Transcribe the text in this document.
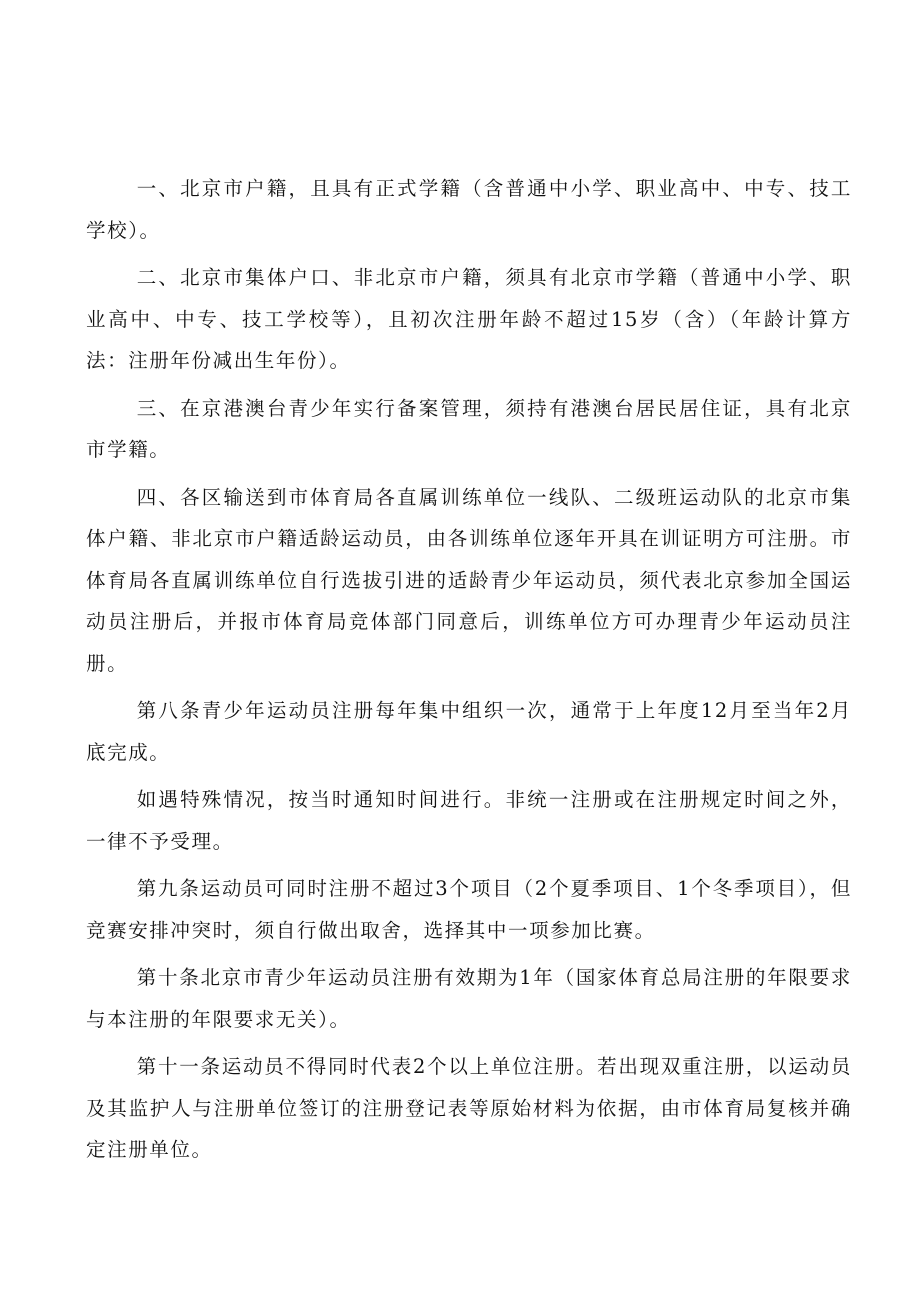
一、北京市户籍，且具有正式学籍（含普通中小学、职业高中、中专、技工学校）。

二、北京市集体户口、非北京市户籍，须具有北京市学籍（普通中小学、职业高中、中专、技工学校等），且初次注册年龄不超过15岁（含）（年龄计算方法：注册年份减出生年份）。

三、在京港澳台青少年实行备案管理，须持有港澳台居民居住证，具有北京市学籍。

四、各区输送到市体育局各直属训练单位一线队、二级班运动队的北京市集体户籍、非北京市户籍适龄运动员，由各训练单位逐年开具在训证明方可注册。市体育局各直属训练单位自行选拔引进的适龄青少年运动员，须代表北京参加全国运动员注册后，并报市体育局竞体部门同意后，训练单位方可办理青少年运动员注册。

第八条青少年运动员注册每年集中组织一次，通常于上年度12月至当年2月底完成。

如遇特殊情况，按当时通知时间进行。非统一注册或在注册规定时间之外，一律不予受理。

第九条运动员可同时注册不超过3个项目（2个夏季项目、1个冬季项目），但竞赛安排冲突时，须自行做出取舍，选择其中一项参加比赛。

第十条北京市青少年运动员注册有效期为1年（国家体育总局注册的年限要求与本注册的年限要求无关）。

第十一条运动员不得同时代表2个以上单位注册。若出现双重注册，以运动员及其监护人与注册单位签订的注册登记表等原始材料为依据，由市体育局复核并确定注册单位。
